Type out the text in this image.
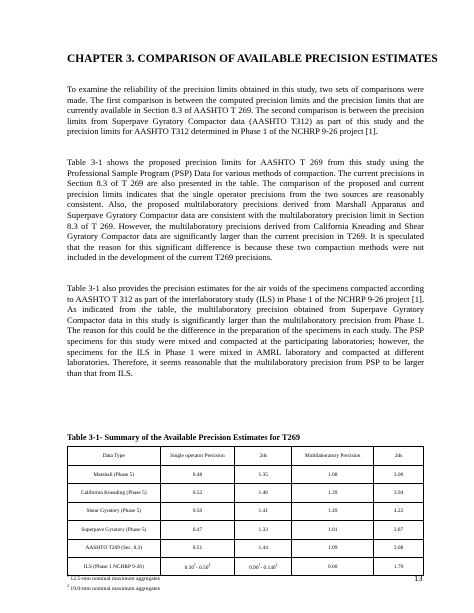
CHAPTER 3. COMPARISON OF AVAILABLE PRECISION ESTIMATES

To examine the reliability of the precision limits obtained in this study, two sets of comparisons were made. The first comparison is between the computed precision limits and the precision limits that are currently available in Section 8.3 of AASHTO T 269. The second comparison is between the precision limits from Superpave Gyratory Compactor data (AASHTO T312) as part of this study and the precision limits for AASHTO T312 determined in Phase 1 of the NCHRP 9-26 project [1].

Table 3-1 shows the proposed precision limits for AASHTO T 269 from this study using the Professional Sample Program (PSP) Data for various methods of compaction. The current precisions in Section 8.3 of T 269 are also presented in the table. The comparison of the proposed and current precision limits indicates that the single operator precisions from the two sources are reasonably consistent. Also, the proposed multilaboratory precisions derived from Marshall Apparatus and Superpave Gyratory Compactor data are consistent with the multilaboratory precision limit in Section 8.3 of T 269. However, the multilaboratory precisions derived from California Kneading and Shear Gyratory Compactor data are significantly larger than the current precision in T269. It is speculated that the reason for this significant difference is because these two compaction methods were not included in the development of the current T269 precisions.

Table 3-1 also provides the precision estimates for the air voids of the specimens compacted according to AASHTO T 312 as part of the interlaboratory study (ILS) in Phase 1 of the NCHRP 9-26 project [1]. As indicated from the table, the multilaboratory precision obtained from Superpave Gyratory Compactor data in this study is significantly larger than the multilaboratory precision from Phase 1. The reason for this could be the difference in the preparation of the specimens in each study. The PSP specimens for this study were mixed and compacted at the participating laboratories; however, the specimens for the ILS in Phase 1 were mixed in AMRL laboratory and compacted at different laboratories. Therefore, it seems reasonable that the multilaboratory precision from PSP to be larger than that from ILS.

Table 3-1- Summary of the Available Precision Estimates for T269
Data Type	Single operator Precision	2ds	Multilaboratory Precision	2ds
Marshall (Phase 5)	0.48	1.35	1.08	3.06
California Kneading (Phase 5)	0.52	1.46	1.39	3.94
Shear Gyratory (Phase 5)	0.50	1.41	1.49	4.22
Superpave Gyratory (Phase 5)	0.47	1.33	1.01	2.87
AASHTO T269 (Sec. 8.3)	0.51	1.44	1.09	3.08
ILS (Phase 1 NCHRP 9-26)	0.30$^1$- 0.50$^2$	0.90$^1$- 0.140$^2$	0.60	1.70
$^1$ 12.5-mm nominal maximum aggregates
$^2$ 19.0-mm nominal maximum aggregates
13
